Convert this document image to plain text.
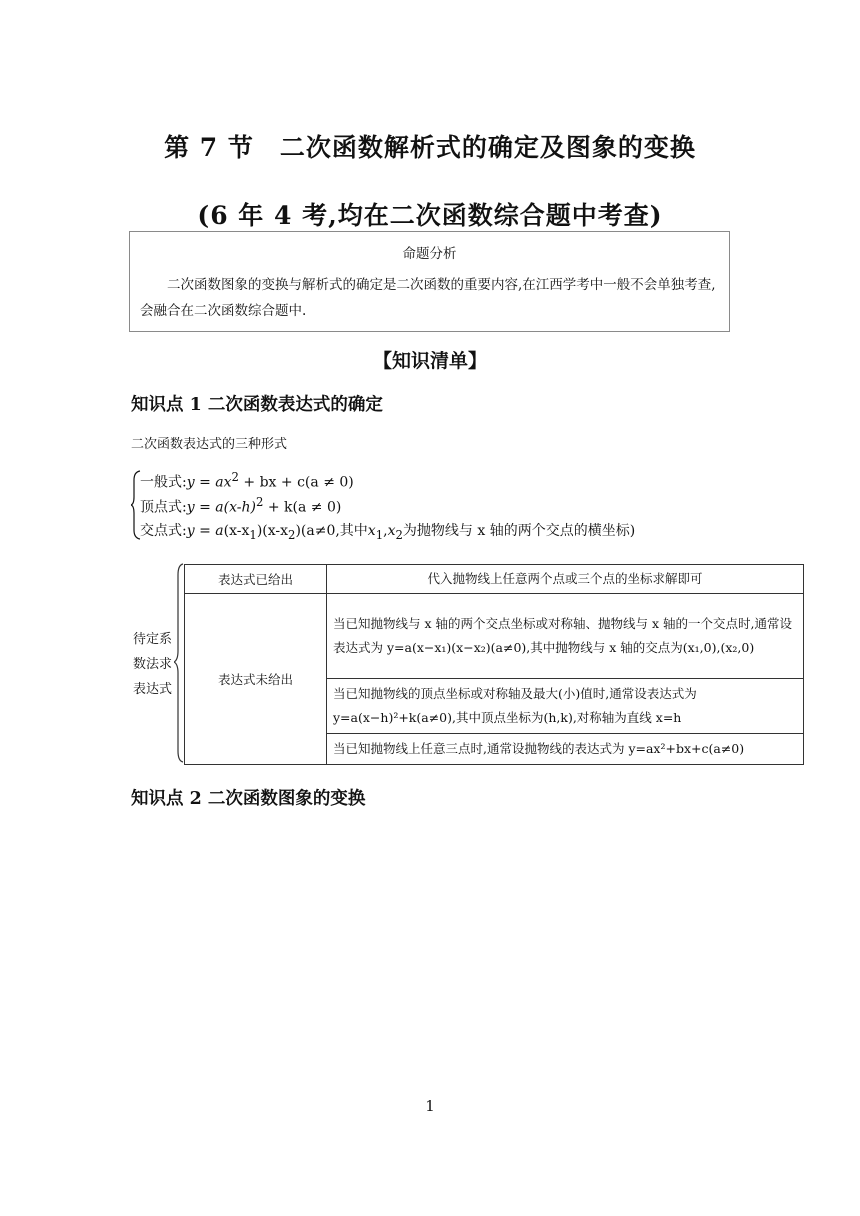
第 7 节　二次函数解析式的确定及图象的变换
(6 年 4 考,均在二次函数综合题中考查)
命题分析
二次函数图象的变换与解析式的确定是二次函数的重要内容,在江西学考中一般不会单独考查,会融合在二次函数综合题中.
【知识清单】
知识点 1 二次函数表达式的确定
二次函数表达式的三种形式
一般式:y = $ax^2$ + bx + c(a ≠ 0)
顶点式:y = $a(x-h)^2 + k(a \ne 0)$
交点式:y = $a(x-x_1)(x-x_2)(a\ne 0$,其中$x_1,x_2$为抛物线与 x 轴的两个交点的横坐标)
待定系
数法求
表达式
表达式已给出	代入抛物线上任意两个点或三个点的坐标求解即可
表达式未给出	当已知抛物线与 x 轴的两个交点坐标或对称轴、抛物线与 x 轴的一个交点时,通常设表达式为 y=a(x−x₁)(x−x₂)(a≠0),其中抛物线与 x 轴的交点为(x₁,0),(x₂,0)
	当已知抛物线的顶点坐标或对称轴及最大(小)值时,通常设表达式为 y=a(x−h)²+k(a≠0),其中顶点坐标为(h,k),对称轴为直线 x=h
	当已知抛物线上任意三点时,通常设抛物线的表达式为 y=ax²+bx+c(a≠0)
知识点 2 二次函数图象的变换
1
